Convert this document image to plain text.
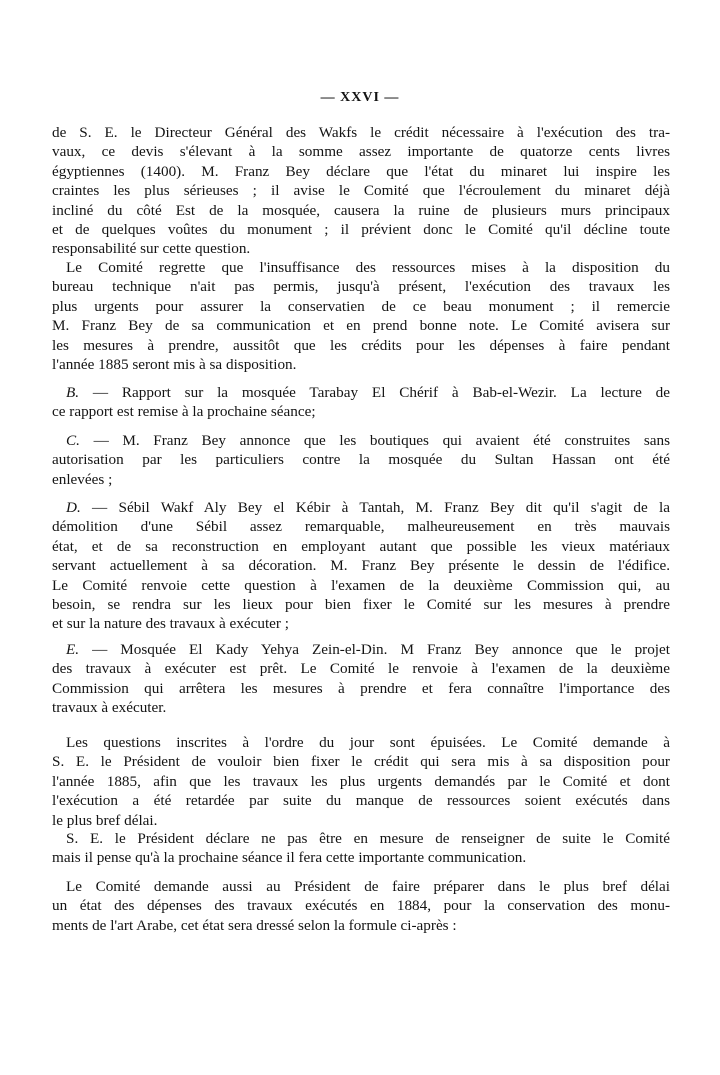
— XXVI —
de S. E. le Directeur Général des Wakfs le crédit nécessaire à l'exécution des tra-
vaux, ce devis s'élevant à la somme assez importante de quatorze cents livres
égyptiennes (1400). M. Franz Bey déclare que l'état du minaret lui inspire les
craintes les plus sérieuses ; il avise le Comité que l'écroulement du minaret déjà
incliné du côté Est de la mosquée, causera la ruine de plusieurs murs principaux
et de quelques voûtes du monument ; il prévient donc le Comité qu'il décline toute
responsabilité sur cette question.
Le Comité regrette que l'insuffisance des ressources mises à la disposition du
bureau technique n'ait pas permis, jusqu'à présent, l'exécution des travaux les
plus urgents pour assurer la conservatien de ce beau monument ; il remercie
M. Franz Bey de sa communication et en prend bonne note. Le Comité avisera sur
les mesures à prendre, aussitôt que les crédits pour les dépenses à faire pendant
l'année 1885 seront mis à sa disposition.
B. — Rapport sur la mosquée Tarabay El Chérif à Bab-el-Wezir. La lecture de
ce rapport est remise à la prochaine séance;
C. — M. Franz Bey annonce que les boutiques qui avaient été construites sans
autorisation par les particuliers contre la mosquée du Sultan Hassan ont été
enlevées ;
D. — Sébil Wakf Aly Bey el Kébir à Tantah, M. Franz Bey dit qu'il s'agit de la
démolition d'une Sébil assez remarquable, malheureusement en très mauvais
état, et de sa reconstruction en employant autant que possible les vieux matériaux
servant actuellement à sa décoration. M. Franz Bey présente le dessin de l'édifice.
Le Comité renvoie cette question à l'examen de la deuxième Commission qui, au
besoin, se rendra sur les lieux pour bien fixer le Comité sur les mesures à prendre
et sur la nature des travaux à exécuter ;
E. — Mosquée El Kady Yehya Zein-el-Din. M Franz Bey annonce que le projet
des travaux à exécuter est prêt. Le Comité le renvoie à l'examen de la deuxième
Commission qui arrêtera les mesures à prendre et fera connaître l'importance des
travaux à exécuter.
Les questions inscrites à l'ordre du jour sont épuisées. Le Comité demande à
S. E. le Président de vouloir bien fixer le crédit qui sera mis à sa disposition pour
l'année 1885, afin que les travaux les plus urgents demandés par le Comité et dont
l'exécution a été retardée par suite du manque de ressources soient exécutés dans
le plus bref délai.
S. E. le Président déclare ne pas être en mesure de renseigner de suite le Comité
mais il pense qu'à la prochaine séance il fera cette importante communication.
Le Comité demande aussi au Président de faire préparer dans le plus bref délai
un état des dépenses des travaux exécutés en 1884, pour la conservation des monu-
ments de l'art Arabe, cet état sera dressé selon la formule ci-après :
